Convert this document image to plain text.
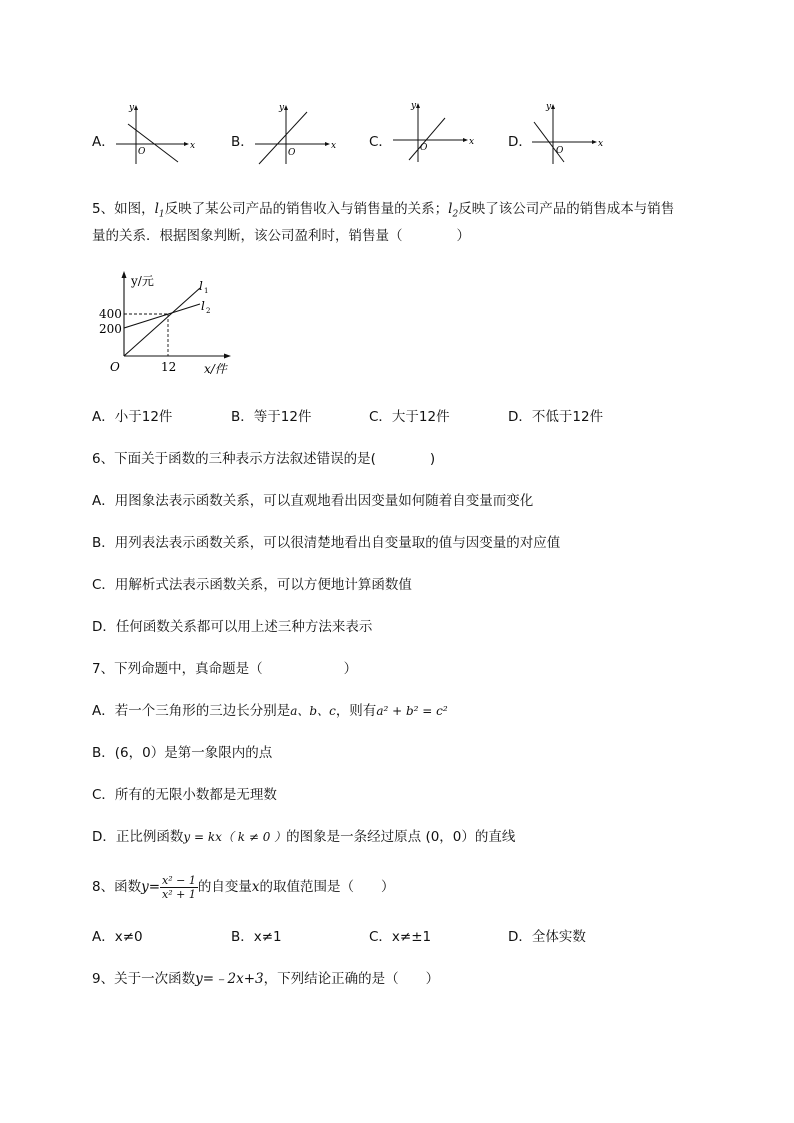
A．
y
x
O
B．
y
x
O
C．
y
x
O	D．
y
x
O
5、如图，$l_1$反映了某公司产品的销售收入与销售量的关系；$l_2$反映了该公司产品的销售成本与销售
量的关系．根据图象判断，该公司盈利时，销售量（　　　　）
y/元
x/件
O
400
200
12
l 1
l 2
A．小于12件	B．等于12件	C．大于12件	D．不低于12件
6、下面关于函数的三种表示方法叙述错误的是(　　　　)
A．用图象法表示函数关系，可以直观地看出因变量如何随着自变量而变化
B．用列表法表示函数关系，可以很清楚地看出自变量取的值与因变量的对应值
C．用解析式法表示函数关系，可以方便地计算函数值
D．任何函数关系都可以用上述三种方法来表示
7、下列命题中，真命题是（　　　　　　）
A．若一个三角形的三边长分别是a、b、c，则有a² + b² = c²
B．(6，0）是第一象限内的点
C．所有的无限小数都是无理数
D．正比例函数y = kx（ k ≠ 0 ）的图象是一条经过原点 (0，0）的直线
8、函数$y= \frac{\text{x² − 1}}{\text{x² + 1}}$ 的自变量x的取值范围是（　　）
A．x≠0	B．x≠1	C．x≠±1	D．全体实数
9、关于一次函数y=﹣2x+3，下列结论正确的是（　　）
